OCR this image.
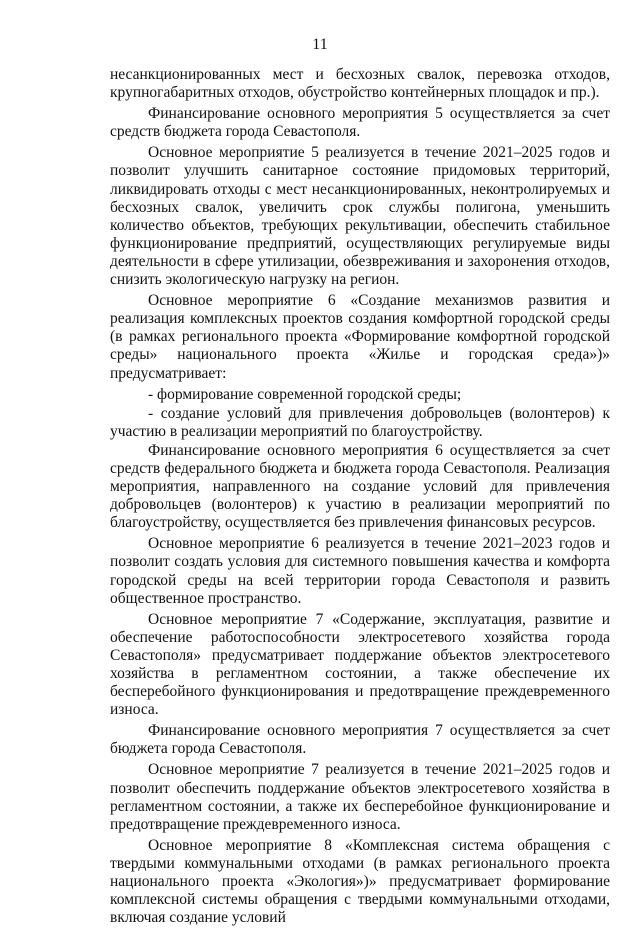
11

несанкционированных мест и бесхозных свалок, перевозка отходов, крупногабаритных отходов, обустройство контейнерных площадок и пр.).

Финансирование основного мероприятия 5 осуществляется за счет средств бюджета города Севастополя.

Основное мероприятие 5 реализуется в течение 2021–2025 годов и позволит улучшить санитарное состояние придомовых территорий, ликвидировать отходы с мест несанкционированных, неконтролируемых и бесхозных свалок, увеличить срок службы полигона, уменьшить количество объектов, требующих рекультивации, обеспечить стабильное функционирование предприятий, осуществляющих регулируемые виды деятельности в сфере утилизации, обезвреживания и захоронения отходов, снизить экологическую нагрузку на регион.

Основное мероприятие 6 «Создание механизмов развития и реализация комплексных проектов создания комфортной городской среды (в рамках регионального проекта «Формирование комфортной городской среды» национального проекта «Жилье и городская среда»)» предусматривает:

- формирование современной городской среды;

- создание условий для привлечения добровольцев (волонтеров) к участию в реализации мероприятий по благоустройству.

Финансирование основного мероприятия 6 осуществляется за счет средств федерального бюджета и бюджета города Севастополя. Реализация мероприятия, направленного на создание условий для привлечения добровольцев (волонтеров) к участию в реализации мероприятий по благоустройству, осуществляется без привлечения финансовых ресурсов.

Основное мероприятие 6 реализуется в течение 2021–2023 годов и позволит создать условия для системного повышения качества и комфорта городской среды на всей территории города Севастополя и развить общественное пространство.

Основное мероприятие 7 «Содержание, эксплуатация, развитие и обеспечение работоспособности электросетевого хозяйства города Севастополя» предусматривает поддержание объектов электросетевого хозяйства в регламентном состоянии, а также обеспечение их бесперебойного функционирования и предотвращение преждевременного износа.

Финансирование основного мероприятия 7 осуществляется за счет бюджета города Севастополя.

Основное мероприятие 7 реализуется в течение 2021–2025 годов и позволит обеспечить поддержание объектов электросетевого хозяйства в регламентном состоянии, а также их бесперебойное функционирование и предотвращение преждевременного износа.

Основное мероприятие 8 «Комплексная система обращения с твердыми коммунальными отходами (в рамках регионального проекта национального проекта «Экология»)» предусматривает формирование комплексной системы обращения с твердыми коммунальными отходами, включая создание условий
